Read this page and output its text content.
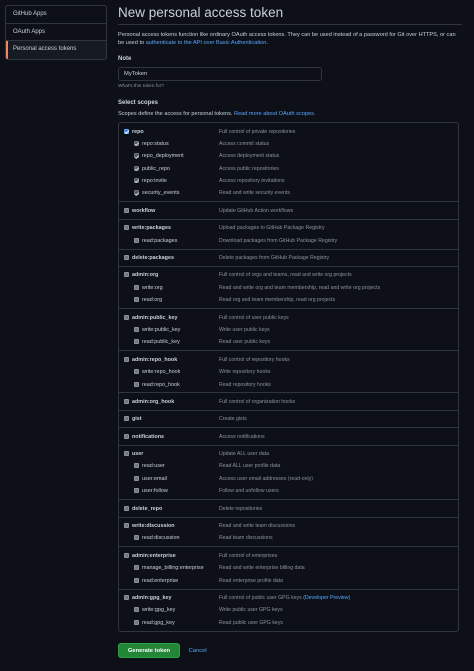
GitHub Apps
OAuth Apps
Personal access tokens
New personal access token

Personal access tokens function like ordinary OAuth access tokens. They can be used instead of a password for Git over HTTPS, or can be used to authenticate to the API over Basic Authentication.

Note
MyToken
What's this token for?
Select scopes
Scopes define the access for personal tokens. Read more about OAuth scopes.
repo	Full control of private repositories
repo:status	Access commit status
repo_deployment	Access deployment status
public_repo	Access public repositories
repo:invite	Access repository invitations
security_events	Read and write security events
workflow	Update GitHub Action workflows
write:packages	Upload packages to GitHub Package Registry
read:packages	Download packages from GitHub Package Registry
delete:packages	Delete packages from GitHub Package Registry
admin:org	Full control of orgs and teams, read and write org projects
write:org	Read and write org and team membership, read and write org projects
read:org	Read org and team membership, read org projects
admin:public_key	Full control of user public keys
write:public_key	Write user public keys
read:public_key	Read user public keys
admin:repo_hook	Full control of repository hooks
write:repo_hook	Write repository hooks
read:repo_hook	Read repository hooks
admin:org_hook	Full control of organization hooks
gist	Create gists
notifications	Access notifications
user	Update ALL user data
read:user	Read ALL user profile data
user:email	Access user email addresses (read-only)
user:follow	Follow and unfollow users
delete_repo	Delete repositories
write:discussion	Read and write team discussions
read:discussion	Read team discussions
admin:enterprise	Full control of enterprises
manage_billing:enterprise	Read and write enterprise billing data
read:enterprise	Read enterprise profile data
admin:gpg_key	Full control of public user GPG keys (Developer Preview)
write:gpg_key	Write public user GPG keys
read:gpg_key	Read public user GPG keys
Generate token	Cancel
